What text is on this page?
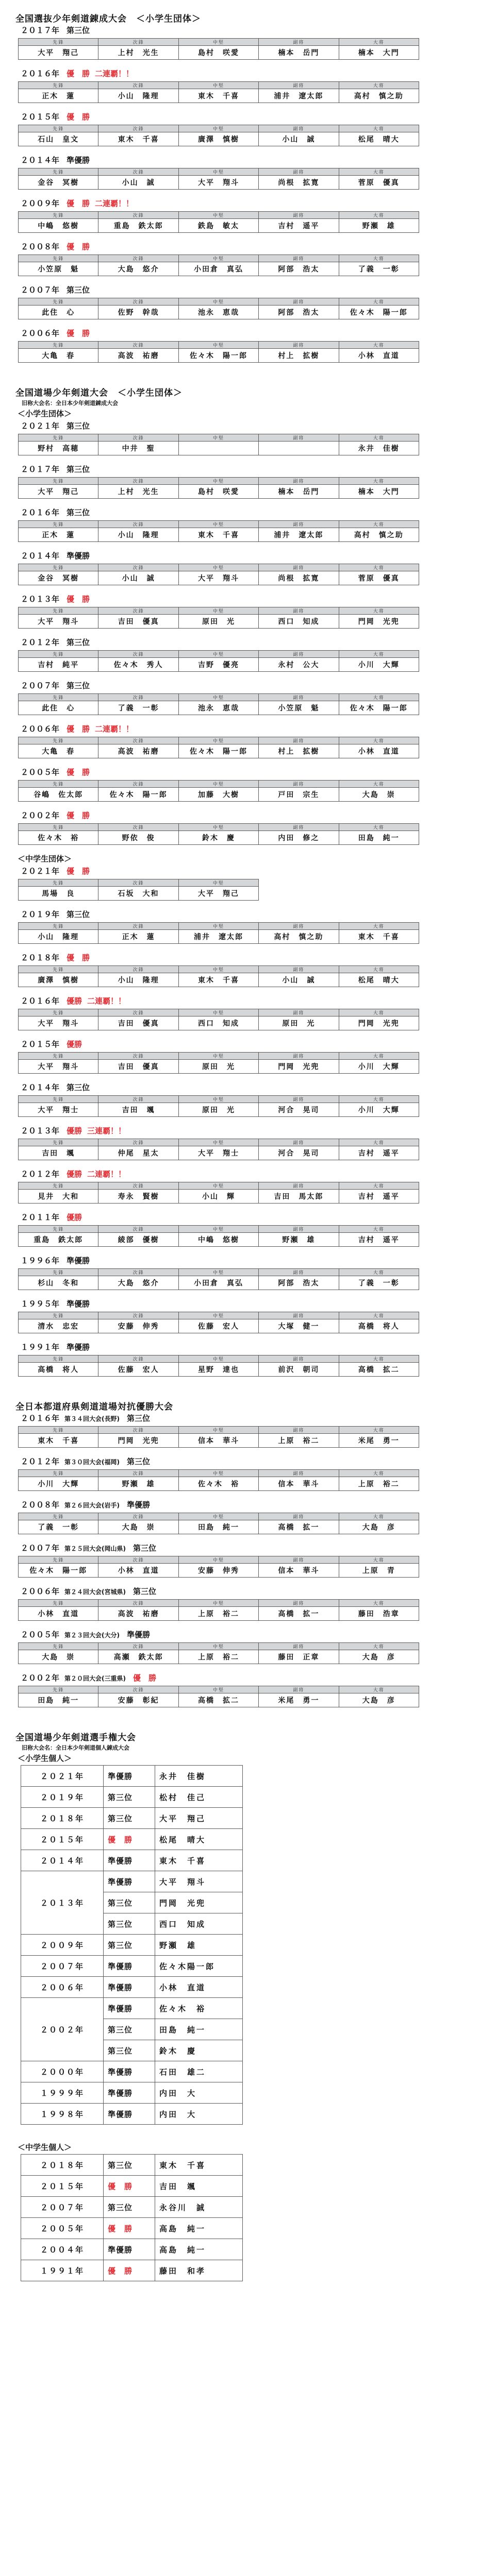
全国選抜少年剣道錬成大会　＜小学生団体＞
２０１７年 第三位
先鋒	次鋒	中堅	副将	大将
大平　翔己	上村　光生	島村　咲愛	楠本　岳門	楠本　大門
２０１６年 優　勝 二連覇！！
先鋒	次鋒	中堅	副将	大将
正木　蓮	小山　隆理	東木　千喜	浦井　遼太郎	高村　慎之助
２０１５年 優　勝
先鋒	次鋒	中堅	副将	大将
石山　皇文	東木　千喜	廣澤　慎樹	小山　誠	松尾　晴大
２０１４年 準優勝
先鋒	次鋒	中堅	副将	大将
金谷　冥樹	小山　誠	大平　翔斗	尚根　拡寛	菅原　優真
２００９年 優　勝 二連覇！！
先鋒	次鋒	中堅	副将	大将
中嶋　悠樹	重島　鉄太郎	鉄島　敏太	吉村　遥平	野瀬　雄
２００８年 優　勝
先鋒	次鋒	中堅	副将	大将
小笠原　魁	大島　悠介	小田倉　真弘	阿部　浩太	了義　一彰
２００７年 第三位
先鋒	次鋒	中堅	副将	大将
此住　心	佐野　幹哉	池永　恵哉	阿部　浩太	佐々木　陽一郎
２００６年 優　勝
先鋒	次鋒	中堅	副将	大将
大亀　春	高波　祐磨	佐々木　陽一郎	村上　拡樹	小林　直道
全国道場少年剣道大会　＜小学生団体＞
旧称大会名：全日本少年剣道錬成大会
＜小学生団体＞
２０２１年 第三位
先鋒	次鋒	中堅	副将	大将
野村　高穂	中井　聖			永井　佳樹
２０１７年 第三位
先鋒	次鋒	中堅	副将	大将
大平　翔己	上村　光生	島村　咲愛	楠本　岳門	楠本　大門
２０１６年 第三位
先鋒	次鋒	中堅	副将	大将
正木　蓮	小山　隆理	東木　千喜	浦井　遼太郎	高村　慎之助
２０１４年 準優勝
先鋒	次鋒	中堅	副将	大将
金谷　冥樹	小山　誠	大平　翔斗	尚根　拡寛	菅原　優真
２０１３年 優　勝
先鋒	次鋒	中堅	副将	大将
大平　翔斗	吉田　優真	原田　光	西口　知成	門岡　光兜
２０１２年 第三位
先鋒	次鋒	中堅	副将	大将
吉村　純平	佐々木　秀人	吉野　優亮	永村　公大	小川　大輝
２００７年 第三位
先鋒	次鋒	中堅	副将	大将
此住　心	了義　一彰	池永　恵哉	小笠原　魁	佐々木　陽一郎
２００６年 優　勝 二連覇！！
先鋒	次鋒	中堅	副将	大将
大亀　春	高波　祐磨	佐々木　陽一郎	村上　拡樹	小林　直道
２００５年 優　勝
先鋒	次鋒	中堅	副将	大将
谷嶋　佐太郎	佐々木　陽一郎	加藤　大樹	戸田　宗生	大島　崇
２００２年 優　勝
先鋒	次鋒	中堅	副将	大将
佐々木　裕	野依　俊	鈴木　慶	内田　修之	田島　純一
＜中学生団体＞
２０２１年 優　勝
先鋒	次鋒	中堅
馬場　良	石坂　大和	大平　翔己
２０１９年 第三位
先鋒	次鋒	中堅	副将	大将
小山　隆理	正木　蓮	浦井　遼太郎	高村　慎之助	東木　千喜
２０１８年 優　勝
先鋒	次鋒	中堅	副将	大将
廣澤　慎樹	小山　隆理	東木　千喜	小山　誠	松尾　晴大
２０１６年 優勝 二連覇！！
先鋒	次鋒	中堅	副将	大将
大平　翔斗	吉田　優真	西口　知成	原田　光	門岡　光兜
２０１５年 優勝
先鋒	次鋒	中堅	副将	大将
大平　翔斗	吉田　優真	原田　光	門岡　光兜	小川　大輝
２０１４年 第三位
先鋒	次鋒	中堅	副将	大将
大平　翔士	吉田　颯	原田　光	河合　晃司	小川　大輝
２０１３年 優勝 三連覇！！
先鋒	次鋒	中堅	副将	大将
吉田　颯	仲尾　星太	大平　翔士	河合　晃司	吉村　遥平
２０１２年 優勝 二連覇！！
先鋒	次鋒	中堅	副将	大将
見井　大和	寿永　賢樹	小山　輝	吉田　馬太郎	吉村　遥平
２０１１年 優勝
先鋒	次鋒	中堅	副将	大将
重島　鉄太郎	綾部　優樹	中嶋　悠樹	野瀬　雄	吉村　遥平
１９９６年 準優勝
先鋒	次鋒	中堅	副将	大将
杉山　冬和	大島　悠介	小田倉　真弘	阿部　浩太	了義　一彰
１９９５年 準優勝
先鋒	次鋒	中堅	副将	大将
清水　忠宏	安藤　伸秀	佐藤　宏人	大塚　健一	高橋　将人
１９９１年 準優勝
先鋒	次鋒	中堅	副将	大将
高橋　将人	佐藤　宏人	星野　達也	前沢　朝司	高橋　拡二
全日本都道府県剣道道場対抗優勝大会
２０１６年 第３４回大会(長野) 第三位
先鋒	次鋒	中堅	副将	大将
東木　千喜	門岡　光兜	信本　華斗	上原　裕二	米尾　勇一
２０１２年 第３０回大会(福岡) 第三位
先鋒	次鋒	中堅	副将	大将
小川　大輝	野瀬　雄	佐々木　裕	信本　華斗	上原　裕二
２００８年 第２６回大会(岩手) 準優勝
先鋒	次鋒	中堅	副将	大将
了義　一彰	大島　崇	田島　純一	高橋　拡一	大島　彦
２００７年 第２５回大会(岡山県) 第三位
先鋒	次鋒	中堅	副将	大将
佐々木　陽一郎	小林　直道	安藤　伸秀	信本　華斗	上原　青
２００６年 第２４回大会(宮城県) 第三位
先鋒	次鋒	中堅	副将	大将
小林　直道	高波　祐磨	上原　裕二	高橋　拡一	藤田　浩章
２００５年 第２３回大会(大分) 準優勝
先鋒	次鋒	中堅	副将	大将
大島　崇	高瀬　鉄太郎	上原　裕二	藤田　正章	大島　彦
２００２年 第２０回大会(三重県) 優　勝
先鋒	次鋒	中堅	副将	大将
田島　純一	安藤　彰紀	高橋　拡二	米尾　勇一	大島　彦
全国道場少年剣道選手権大会
旧称大会名：全日本少年剣道個人錬成大会
＜小学生個人＞
２０２１年	準優勝	永井　佳樹
２０１９年	第三位	松村　佳己
２０１８年	第三位	大平　翔己
２０１５年	優　勝	松尾　晴大
２０１４年	準優勝	東木　千喜
２０１３年	準優勝	大平　翔斗
	第三位	門岡　光兜
	第三位	西口　知成
２００９年	第三位	野瀬　雄
２００７年	準優勝	佐々木陽一郎
２００６年	準優勝	小林　直道
２００２年	準優勝	佐々木　裕
	第三位	田島　純一
	第三位	鈴木　慶
２０００年	準優勝	石田　雄二
１９９９年	準優勝	内田　大
１９９８年	準優勝	内田　大
＜中学生個人＞
２０１８年	第三位	東木　千喜
２０１５年	優　勝	吉田　颯
２００７年	第三位	永谷川　誠
２００５年	優　勝	高島　純一
２００４年	準優勝	高島　純一
１９９１年	優　勝	藤田　和孝
